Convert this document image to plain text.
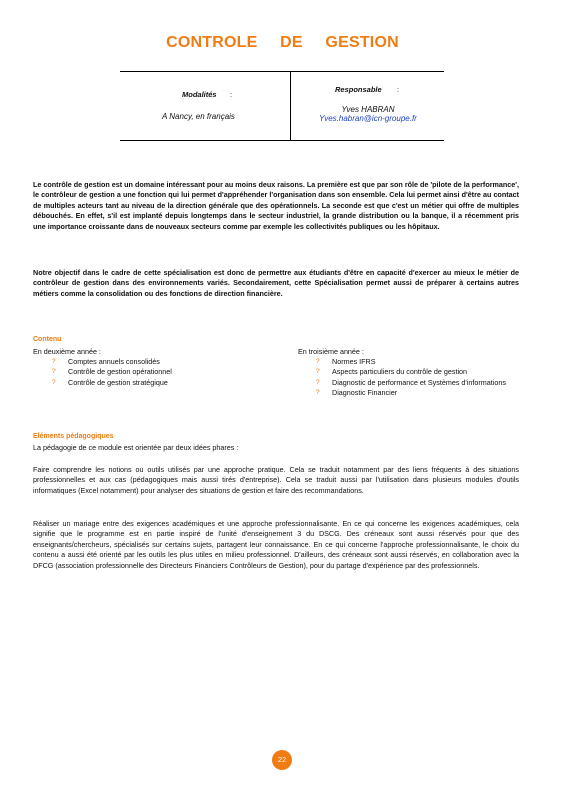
CONTROLE DE GESTION
Modalités :
A Nancy, en français
Responsable :
Yves HABRAN
Yves.habran@icn-groupe.fr
Le contrôle de gestion est un domaine intéressant pour au moins deux raisons. La première est que par son rôle de 'pilote de la performance', le contrôleur de gestion a une fonction qui lui permet d'appréhender l'organisation dans son ensemble. Cela lui permet ainsi d'être au contact de multiples acteurs tant au niveau de la direction générale que des opérationnels. La seconde est que c'est un métier qui offre de multiples débouchés. En effet, s'il est implanté depuis longtemps dans le secteur industriel, la grande distribution ou la banque, il a récemment pris une importance croissante dans de nouveaux secteurs comme par exemple les collectivités publiques ou les hôpitaux.
Notre objectif dans le cadre de cette spécialisation est donc de permettre aux étudiants d'être en capacité d'exercer au mieux le métier de contrôleur de gestion dans des environnements variés. Secondairement, cette Spécialisation permet aussi de préparer à certains autres métiers comme la consolidation ou des fonctions de direction financière.
Contenu
En deuxième année :
?	Comptes annuels consolidés
?	Contrôle de gestion opérationnel
?	Contrôle de gestion stratégique
En troisième année :
?	Normes IFRS
?	Aspects particuliers du contrôle de gestion
?	Diagnostic de performance et Systèmes d'informations
?	Diagnostic Financier
Eléments pédagogiques
La pédagogie de ce module est orientée par deux idées phares :
Faire comprendre les notions ou outils utilisés par une approche pratique. Cela se traduit notamment par des liens fréquents à des situations professionnelles et aux cas (pédagogiques mais aussi tirés d'entreprise). Cela se traduit aussi par l'utilisation dans plusieurs modules d'outils informatiques (Excel notamment) pour analyser des situations de gestion et faire des recommandations.
Réaliser un mariage entre des exigences académiques et une approche professionnalisante. En ce qui concerne les exigences académiques, cela signifie que le programme est en partie inspiré de l'unité d'enseignement 3 du DSCG. Des créneaux sont aussi réservés pour que des enseignants/chercheurs, spécialisés sur certains sujets, partagent leur connaissance. En ce qui concerne l'approche professionnalisante, le choix du contenu a aussi été orienté par les outils les plus utiles en milieu professionnel. D'ailleurs, des créneaux sont aussi réservés, en collaboration avec la DFCG (association professionnelle des Directeurs Financiers Contrôleurs de Gestion), pour du partage d'expérience par des professionnels.
22
